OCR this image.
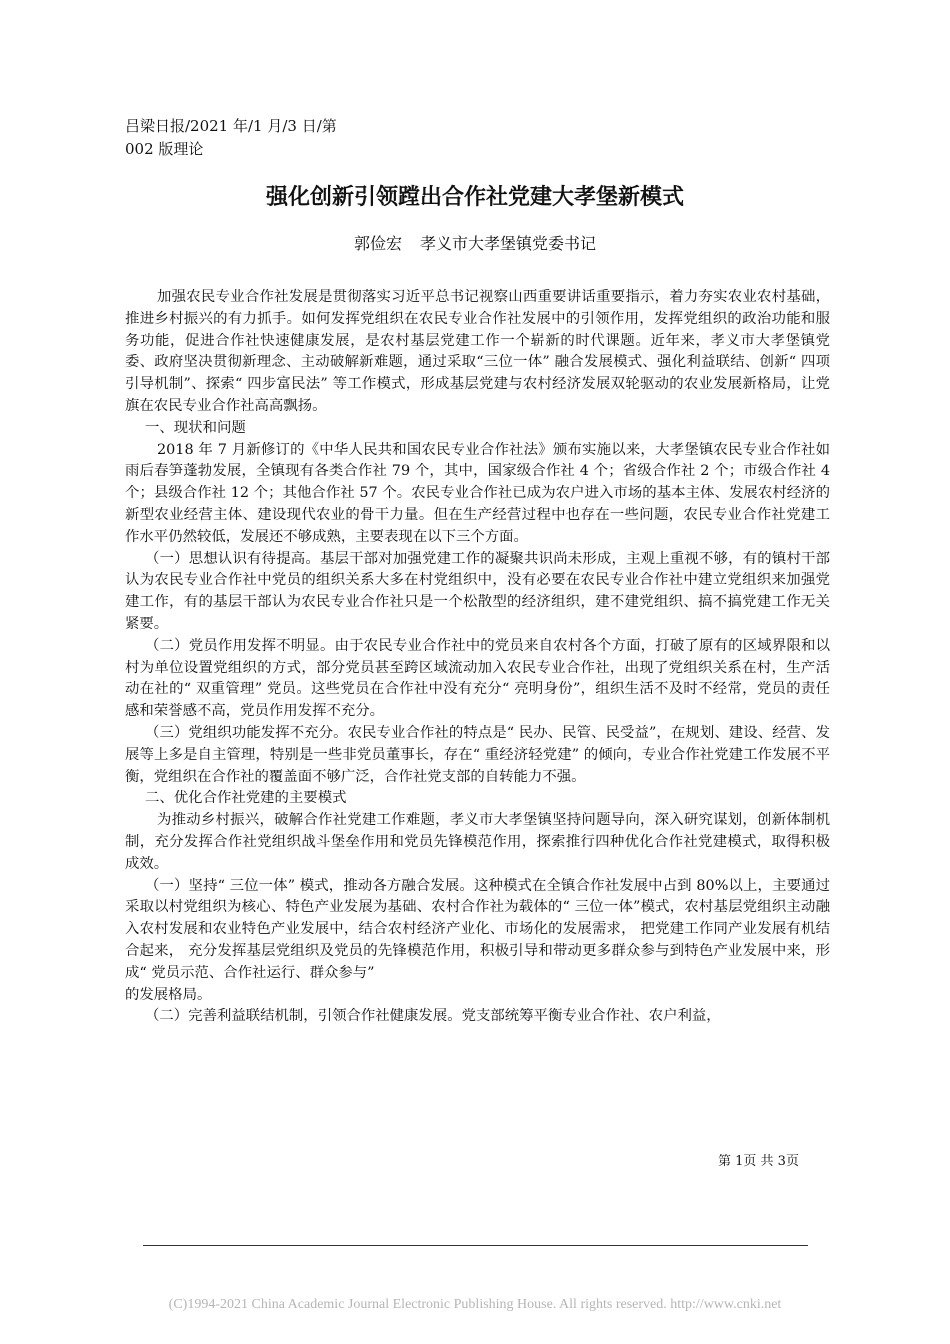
吕梁日报/2021 年/1 月/3 日/第 002 版理论
强化创新引领蹚出合作社党建大孝堡新模式
郭俭宏 孝义市大孝堡镇党委书记

加强农民专业合作社发展是贯彻落实习近平总书记视察山西重要讲话重要指示，着力夯实农业农村基础，推进乡村振兴的有力抓手。如何发挥党组织在农民专业合作社发展中的引领作用，发挥党组织的政治功能和服务功能，促进合作社快速健康发展，是农村基层党建工作一个崭新的时代课题。近年来，孝义市大孝堡镇党委、政府坚决贯彻新理念、主动破解新难题，通过采取“三位一体” 融合发展模式、强化利益联结、创新“ 四项引导机制”、探索“ 四步富民法” 等工作模式，形成基层党建与农村经济发展双轮驱动的农业发展新格局，让党旗在农民专业合作社高高飘扬。

一、现状和问题

2018 年 7 月新修订的《中华人民共和国农民专业合作社法》颁布实施以来，大孝堡镇农民专业合作社如雨后春笋蓬勃发展，全镇现有各类合作社 79 个，其中，国家级合作社 4 个；省级合作社 2 个；市级合作社 4 个；县级合作社 12 个；其他合作社 57 个。农民专业合作社已成为农户进入市场的基本主体、发展农村经济的新型农业经营主体、建设现代农业的骨干力量。但在生产经营过程中也存在一些问题，农民专业合作社党建工作水平仍然较低，发展还不够成熟，主要表现在以下三个方面。

（一）思想认识有待提高。基层干部对加强党建工作的凝聚共识尚未形成，主观上重视不够，有的镇村干部认为农民专业合作社中党员的组织关系大多在村党组织中，没有必要在农民专业合作社中建立党组织来加强党建工作，有的基层干部认为农民专业合作社只是一个松散型的经济组织，建不建党组织、搞不搞党建工作无关紧要。

（二）党员作用发挥不明显。由于农民专业合作社中的党员来自农村各个方面，打破了原有的区域界限和以村为单位设置党组织的方式，部分党员甚至跨区域流动加入农民专业合作社，出现了党组织关系在村，生产活动在社的“ 双重管理” 党员。这些党员在合作社中没有充分“ 亮明身份”，组织生活不及时不经常，党员的责任感和荣誉感不高，党员作用发挥不充分。

（三）党组织功能发挥不充分。农民专业合作社的特点是“ 民办、民管、民受益”，在规划、建设、经营、发展等上多是自主管理，特别是一些非党员董事长，存在“ 重经济轻党建” 的倾向，专业合作社党建工作发展不平衡，党组织在合作社的覆盖面不够广泛，合作社党支部的自转能力不强。

二、优化合作社党建的主要模式

为推动乡村振兴，破解合作社党建工作难题，孝义市大孝堡镇坚持问题导向，深入研究谋划，创新体制机制，充分发挥合作社党组织战斗堡垒作用和党员先锋模范作用，探索推行四种优化合作社党建模式，取得积极成效。

（一）坚持“ 三位一体” 模式，推动各方融合发展。这种模式在全镇合作社发展中占到 80%以上，主要通过采取以村党组织为核心、特色产业发展为基础、农村合作社为载体的“ 三位一体”模式，农村基层党组织主动融入农村发展和农业特色产业发展中，结合农村经济产业化、市场化的发展需求， 把党建工作同产业发展有机结合起来， 充分发挥基层党组织及党员的先锋模范作用，积极引导和带动更多群众参与到特色产业发展中来，形成“ 党员示范、合作社运行、群众参与”

的发展格局。

（二）完善利益联结机制，引领合作社健康发展。党支部统筹平衡专业合作社、农户利益，

第 1页 共 3页
(C)1994-2021 China Academic Journal Electronic Publishing House. All rights reserved. http://www.cnki.net
